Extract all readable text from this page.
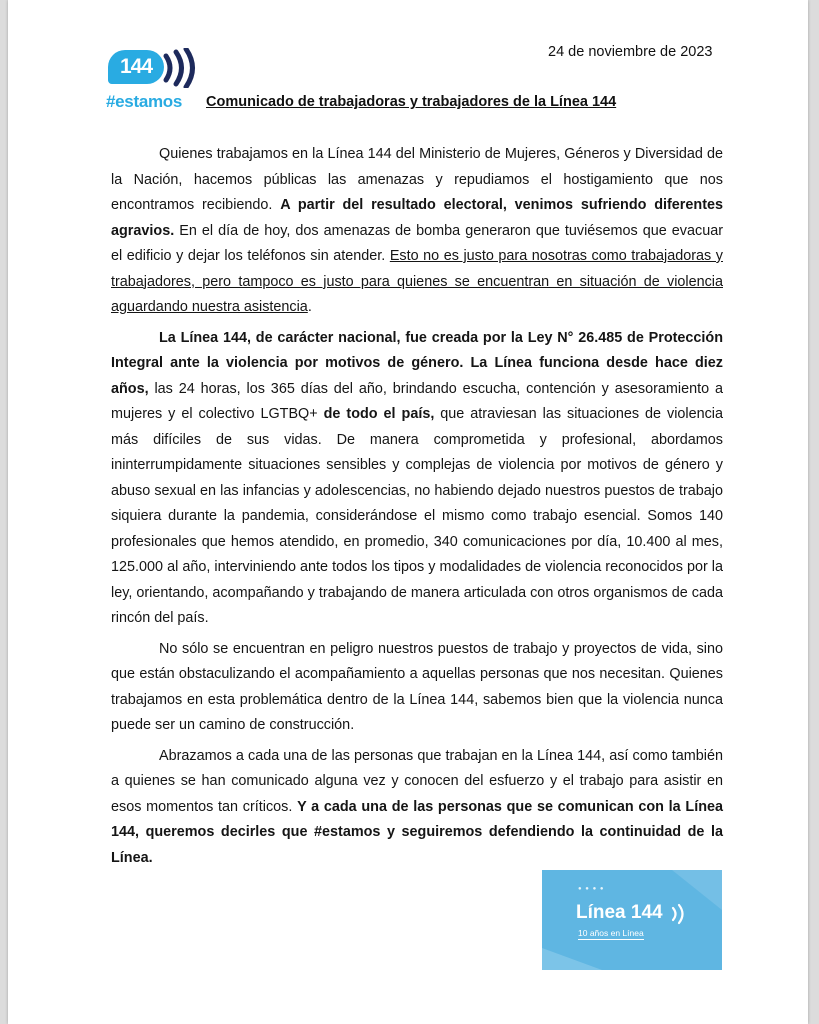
24 de noviembre de 2023
144
#estamos Comunicado de trabajadoras y trabajadores de la Línea 144

Quienes trabajamos en la Línea 144 del Ministerio de Mujeres, Géneros y Diversidad de la Nación, hacemos públicas las amenazas y repudiamos el hostigamiento que nos encontramos recibiendo. A partir del resultado electoral, venimos sufriendo diferentes agravios. En el día de hoy, dos amenazas de bomba generaron que tuviésemos que evacuar el edificio y dejar los teléfonos sin atender. Esto no es justo para nosotras como trabajadoras y trabajadores, pero tampoco es justo para quienes se encuentran en situación de violencia aguardando nuestra asistencia.

La Línea 144, de carácter nacional, fue creada por la Ley N° 26.485 de Protección Integral ante la violencia por motivos de género. La Línea funciona desde hace diez años, las 24 horas, los 365 días del año, brindando escucha, contención y asesoramiento a mujeres y el colectivo LGTBQ+ de todo el país, que atraviesan las situaciones de violencia más difíciles de sus vidas. De manera comprometida y profesional, abordamos ininterrumpidamente situaciones sensibles y complejas de violencia por motivos de género y abuso sexual en las infancias y adolescencias, no habiendo dejado nuestros puestos de trabajo siquiera durante la pandemia, considerándose el mismo como trabajo esencial. Somos 140 profesionales que hemos atendido, en promedio, 340 comunicaciones por día, 10.400 al mes, 125.000 al año, interviniendo ante todos los tipos y modalidades de violencia reconocidos por la ley, orientando, acompañando y trabajando de manera articulada con otros organismos de cada rincón del país.

No sólo se encuentran en peligro nuestros puestos de trabajo y proyectos de vida, sino que están obstaculizando el acompañamiento a aquellas personas que nos necesitan. Quienes trabajamos en esta problemática dentro de la Línea 144, sabemos bien que la violencia nunca puede ser un camino de construcción.

Abrazamos a cada una de las personas que trabajan en la Línea 144, así como también a quienes se han comunicado alguna vez y conocen del esfuerzo y el trabajo para asistir en esos momentos tan críticos. Y a cada una de las personas que se comunican con la Línea 144, queremos decirles que #estamos y seguiremos defendiendo la continuidad de la Línea.

● ● ● ●
Línea 144
10 años en Línea
